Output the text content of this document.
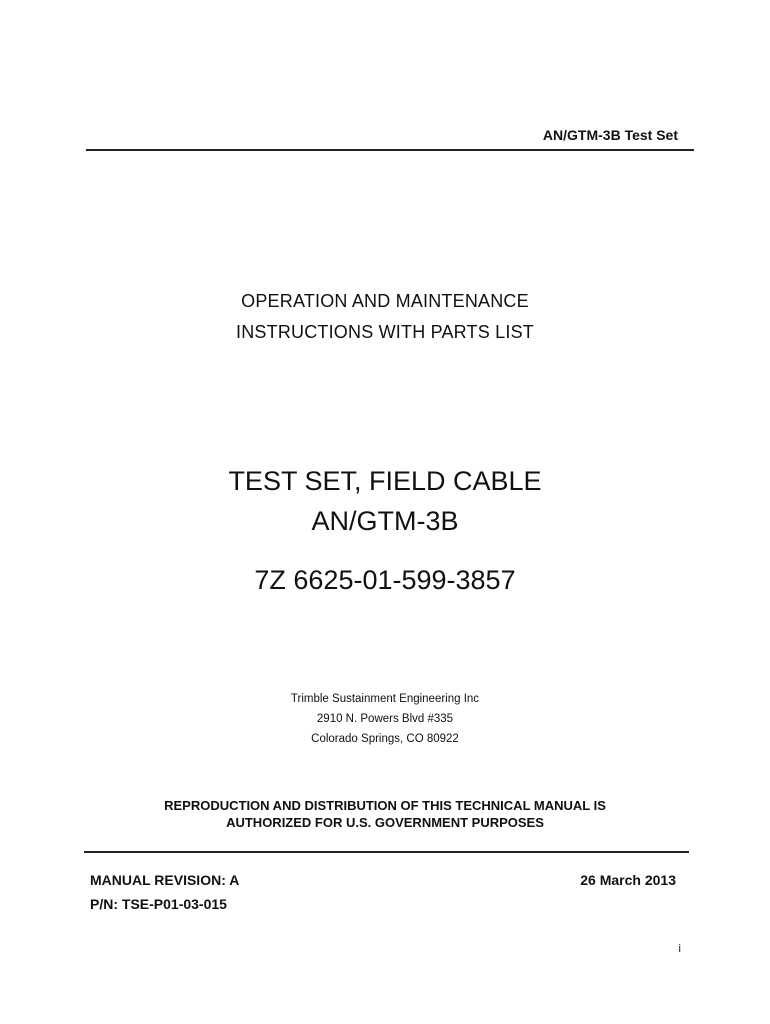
AN/GTM-3B Test Set
OPERATION AND MAINTENANCE
INSTRUCTIONS WITH PARTS LIST
TEST SET, FIELD CABLE
AN/GTM-3B
7Z 6625-01-599-3857
Trimble Sustainment Engineering Inc
2910 N. Powers Blvd #335
Colorado Springs, CO 80922
REPRODUCTION AND DISTRIBUTION OF THIS TECHNICAL MANUAL IS
AUTHORIZED FOR U.S. GOVERNMENT PURPOSES
MANUAL REVISION: A
P/N: TSE-P01-03-015
26 March 2013
i
